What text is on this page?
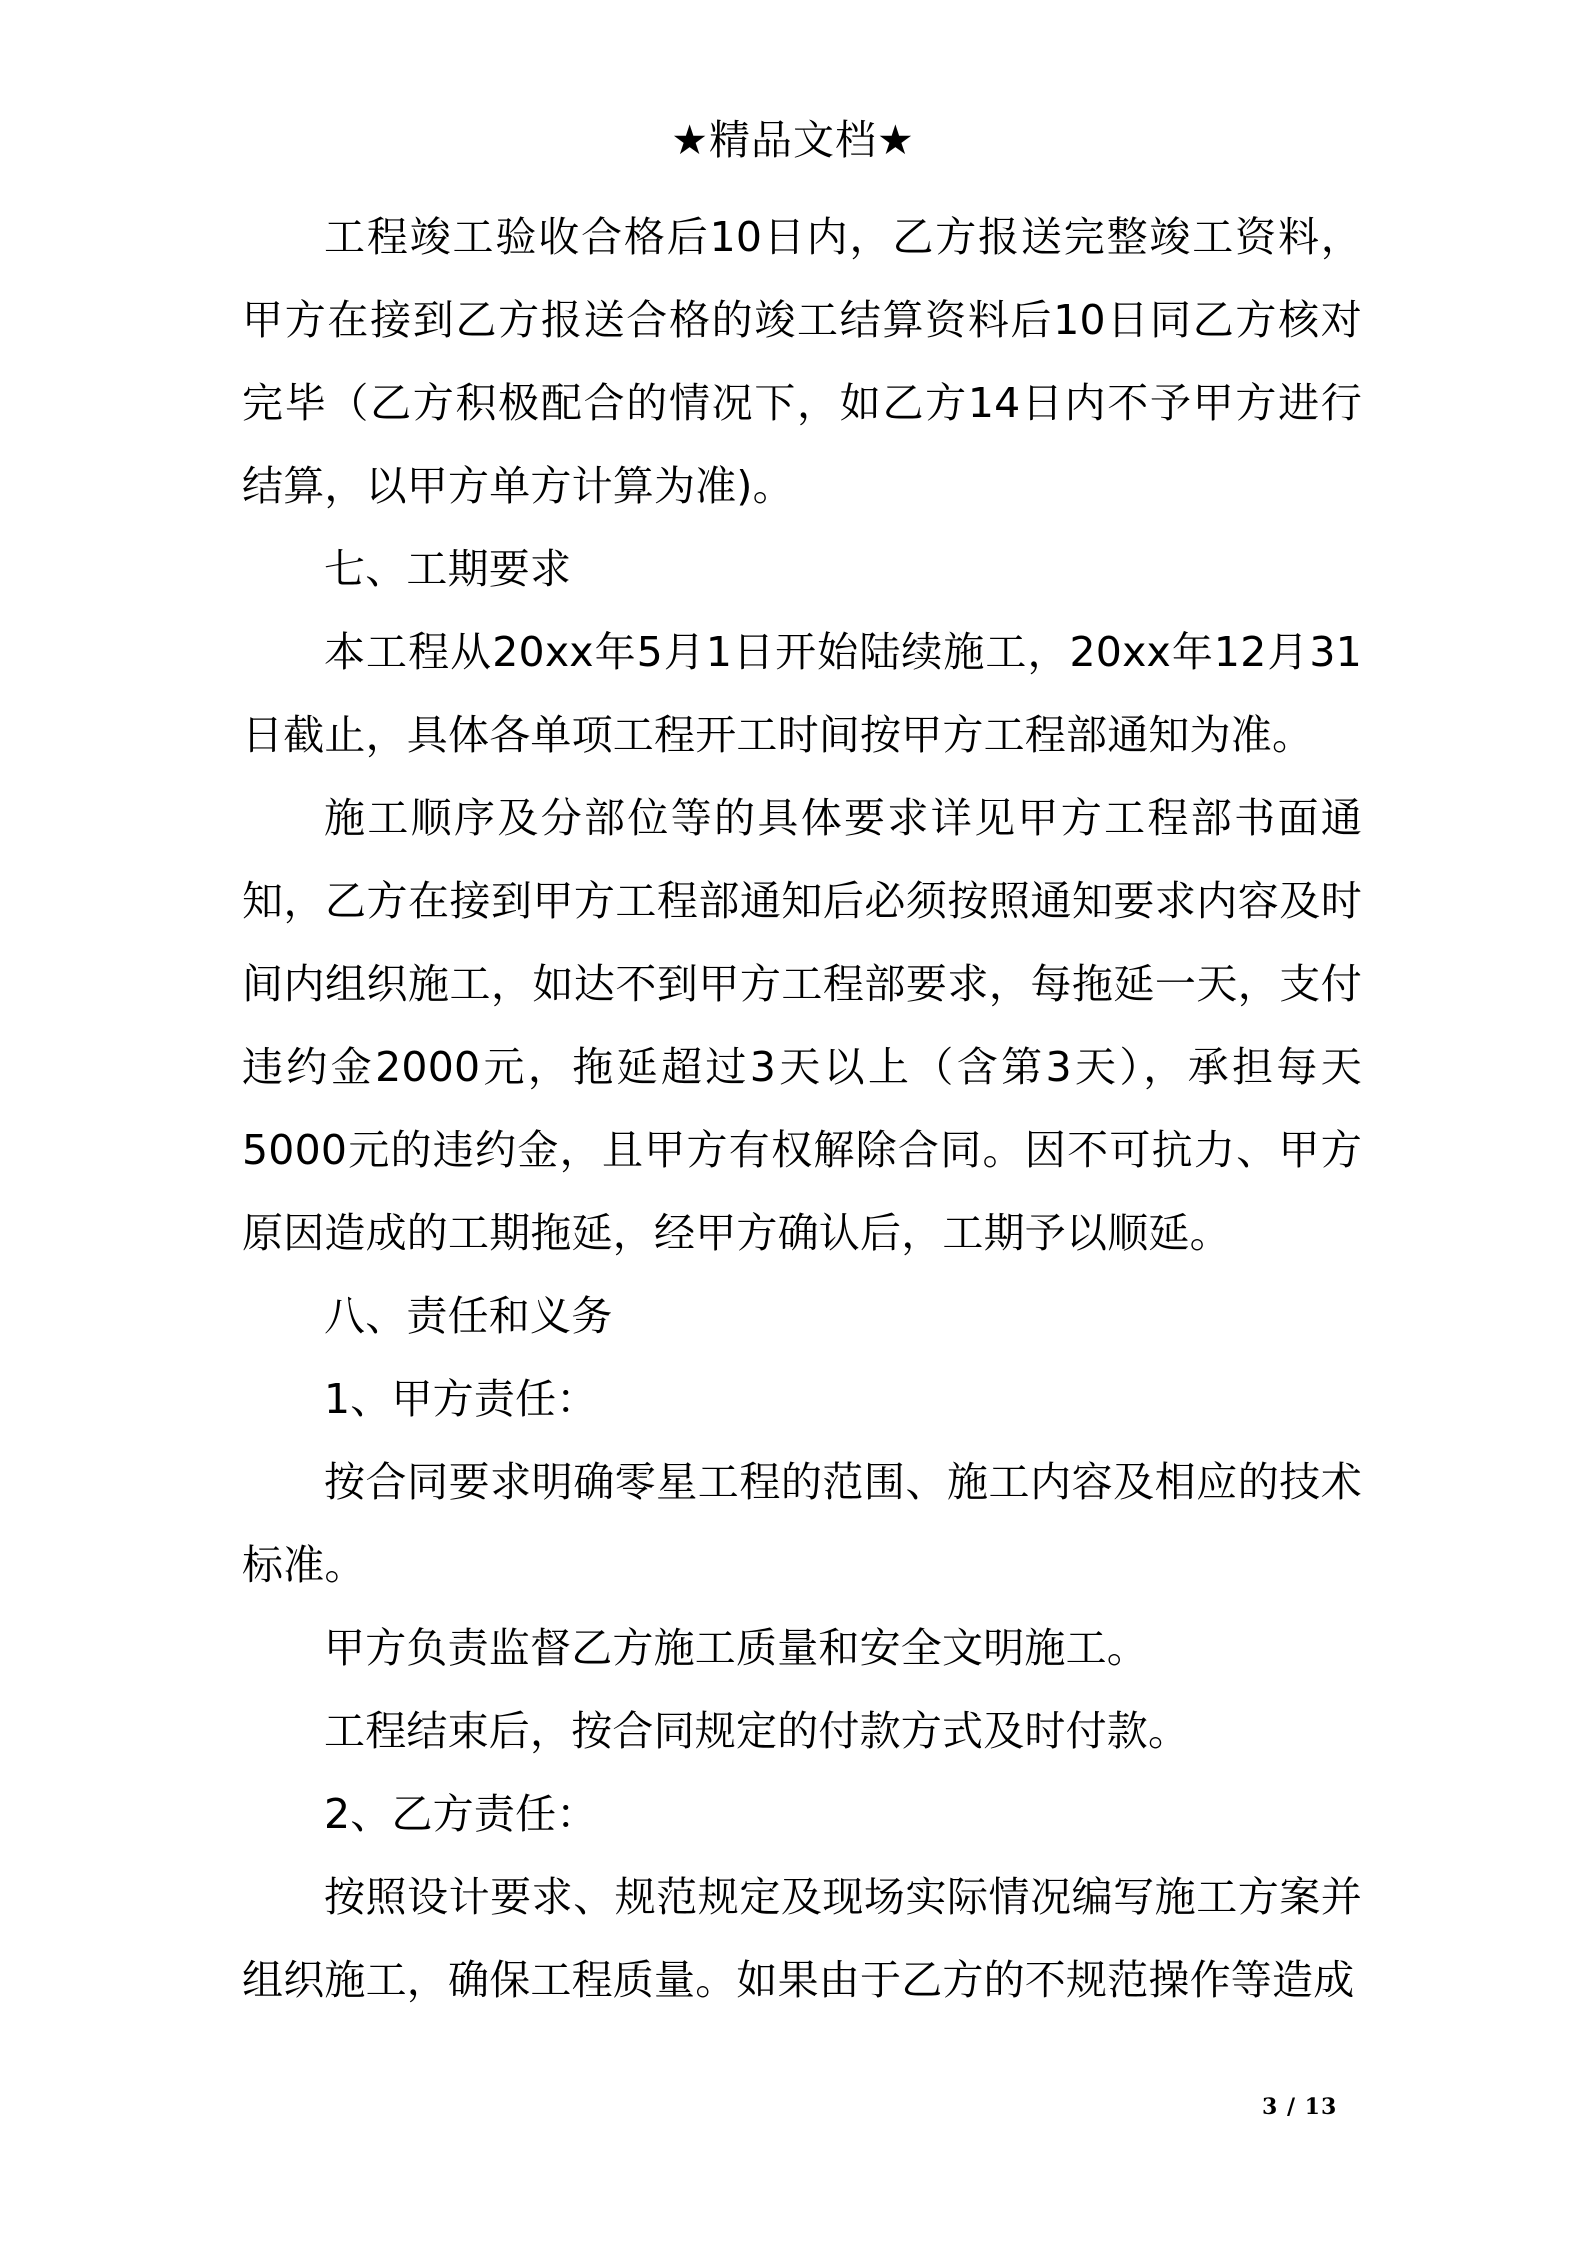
★精品文档★

工程竣工验收合格后10日内，乙方报送完整竣工资料，甲方在接到乙方报送合格的竣工结算资料后10日同乙方核对完毕（乙方积极配合的情况下，如乙方14日内不予甲方进行结算，以甲方单方计算为准)。

七、工期要求

本工程从20xx年5月1日开始陆续施工，20xx年12月31日截止，具体各单项工程开工时间按甲方工程部通知为准。

施工顺序及分部位等的具体要求详见甲方工程部书面通知，乙方在接到甲方工程部通知后必须按照通知要求内容及时间内组织施工，如达不到甲方工程部要求，每拖延一天，支付违约金2000元，拖延超过3天以上（含第3天），承担每天5000元的违约金，且甲方有权解除合同。因不可抗力、甲方原因造成的工期拖延，经甲方确认后，工期予以顺延。

八、责任和义务

1、甲方责任：

按合同要求明确零星工程的范围、施工内容及相应的技术标准。

甲方负责监督乙方施工质量和安全文明施工。

工程结束后，按合同规定的付款方式及时付款。

2、乙方责任：

按照设计要求、规范规定及现场实际情况编写施工方案并组织施工，确保工程质量。如果由于乙方的不规范操作等造成

3 / 13
